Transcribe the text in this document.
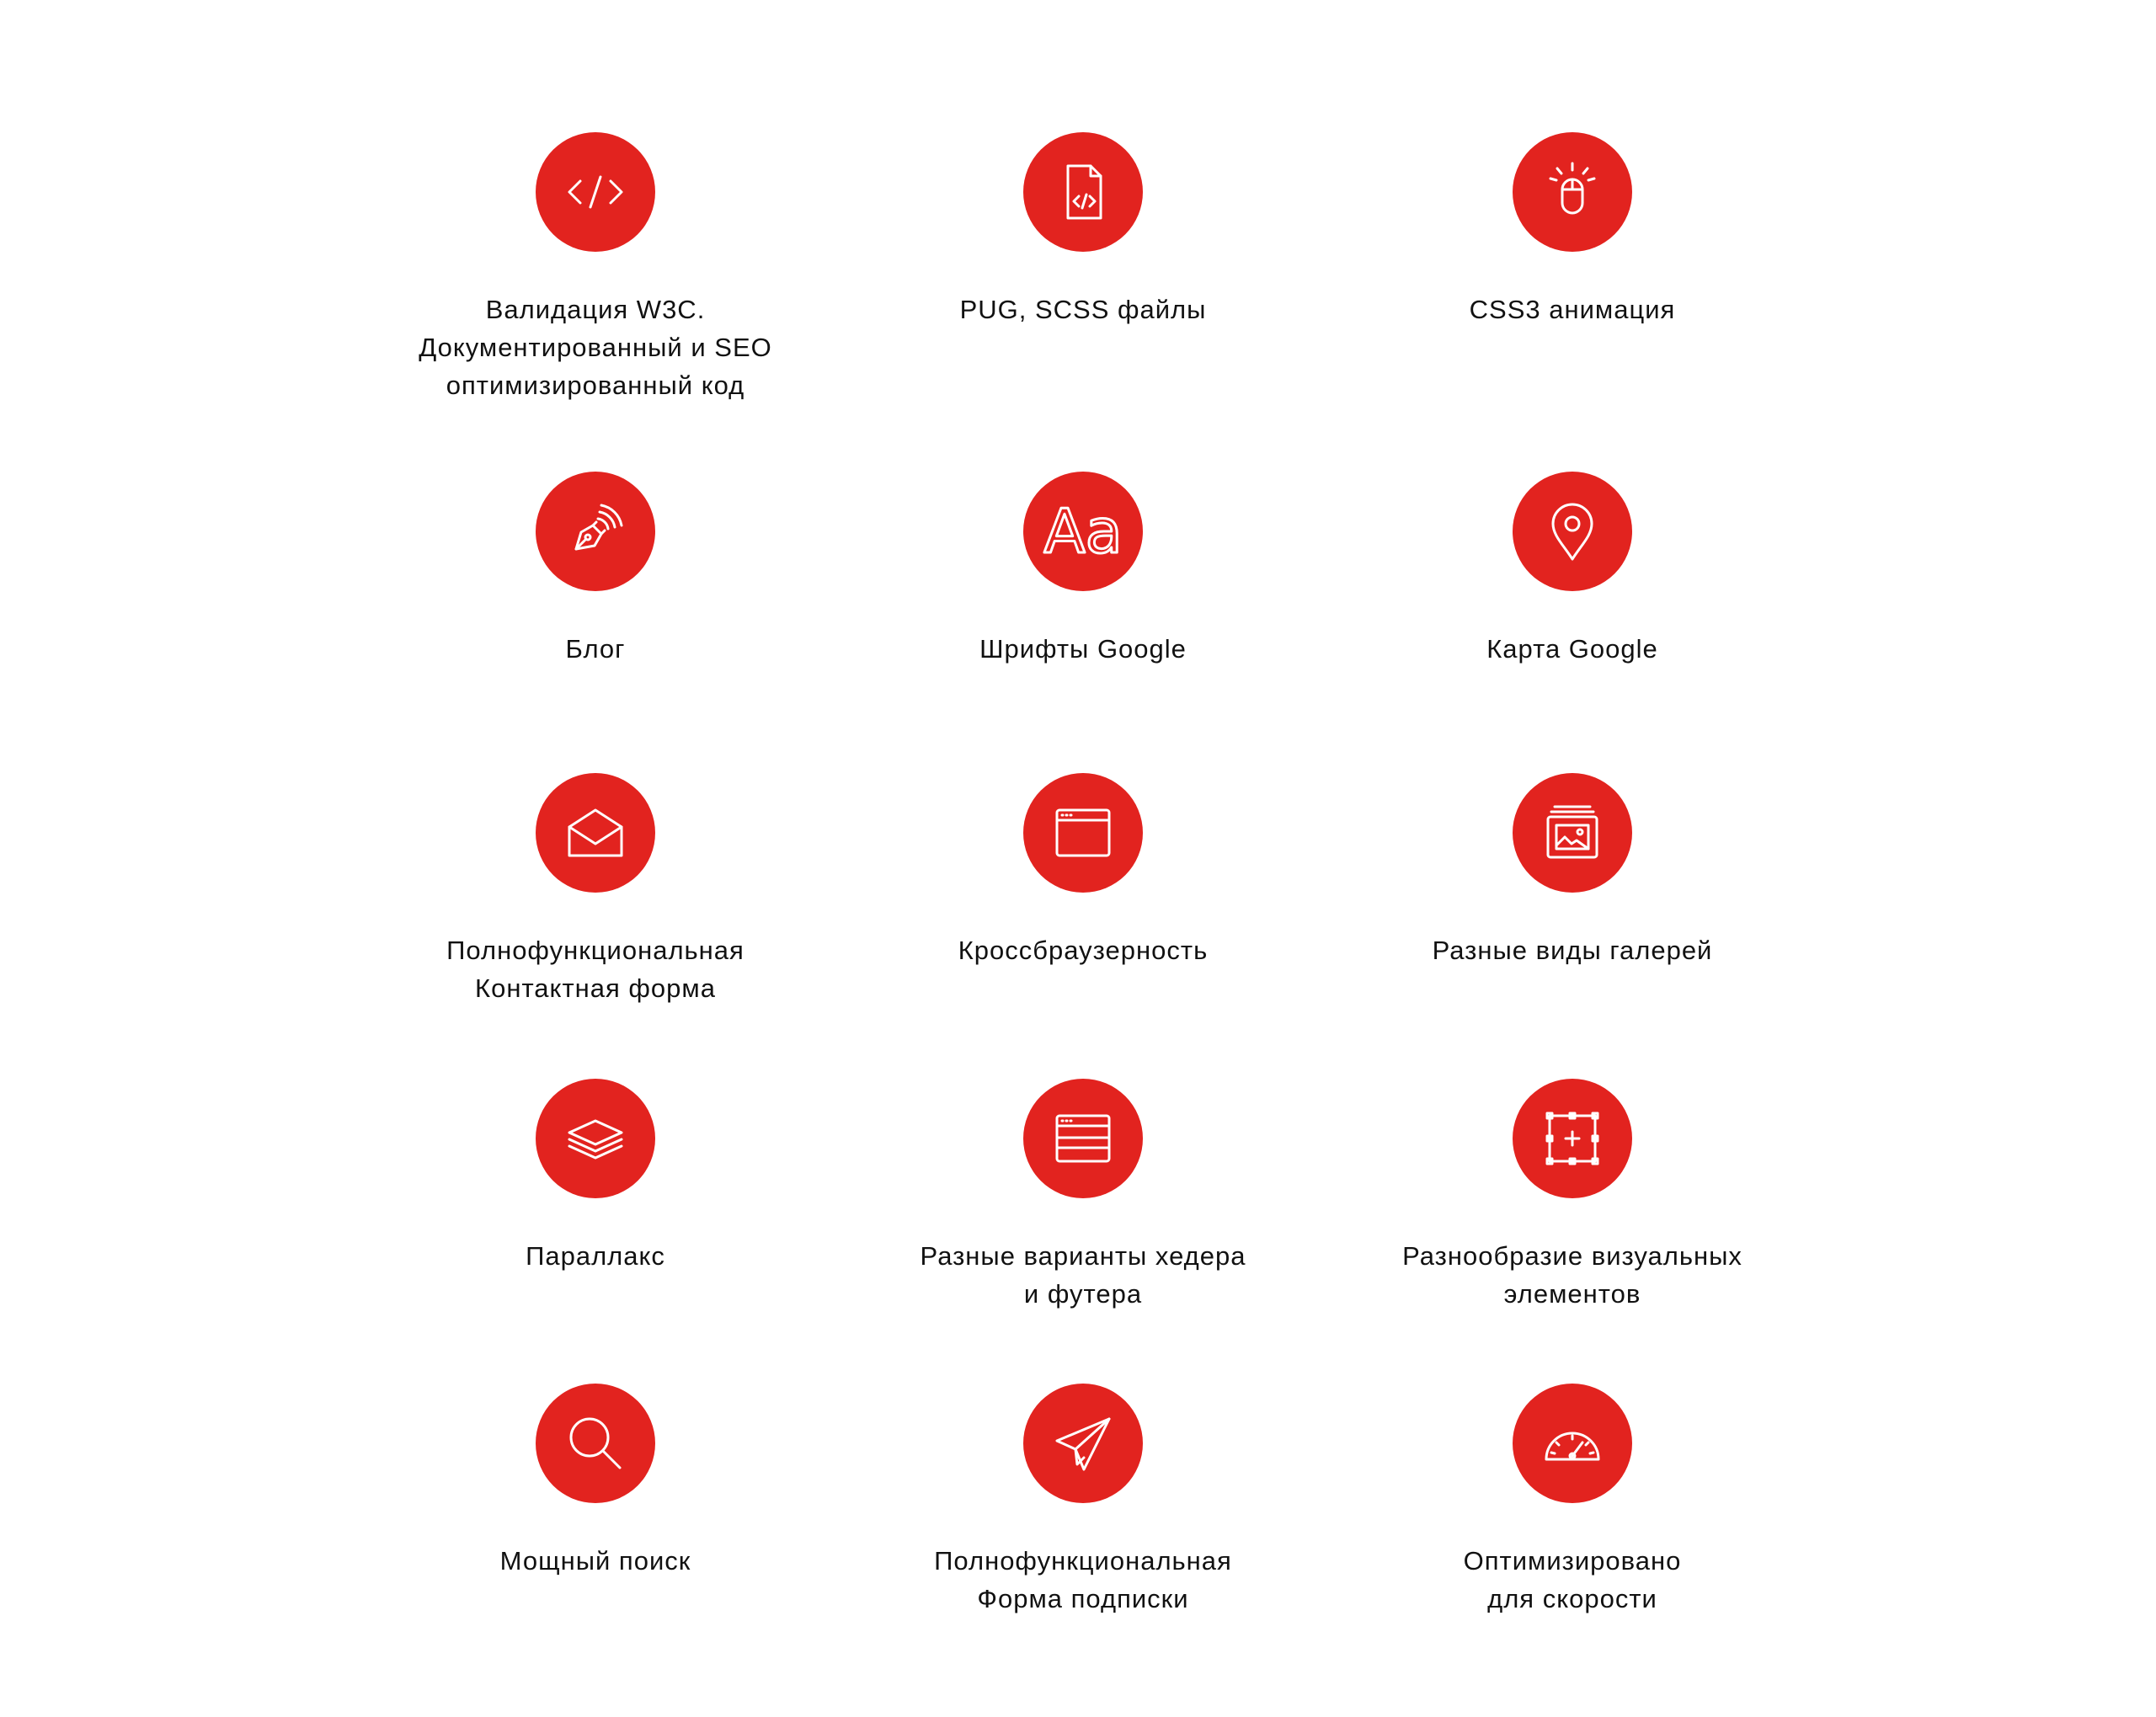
Валидация W3C.
Документированный и SEO
оптимизированный код
PUG, SCSS файлы	CSS3 анимация
Блог
Aa
Шрифты Google	Карта Google
Полнофункциональная
Контактная форма
Кроссбраузерность	Разные виды галерей
Параллакс	Разные варианты хедера
и футера
Разнообразие визуальных
элементов
Мощный поиск	Полнофункциональная
Форма подписки
Оптимизировано
для скорости
